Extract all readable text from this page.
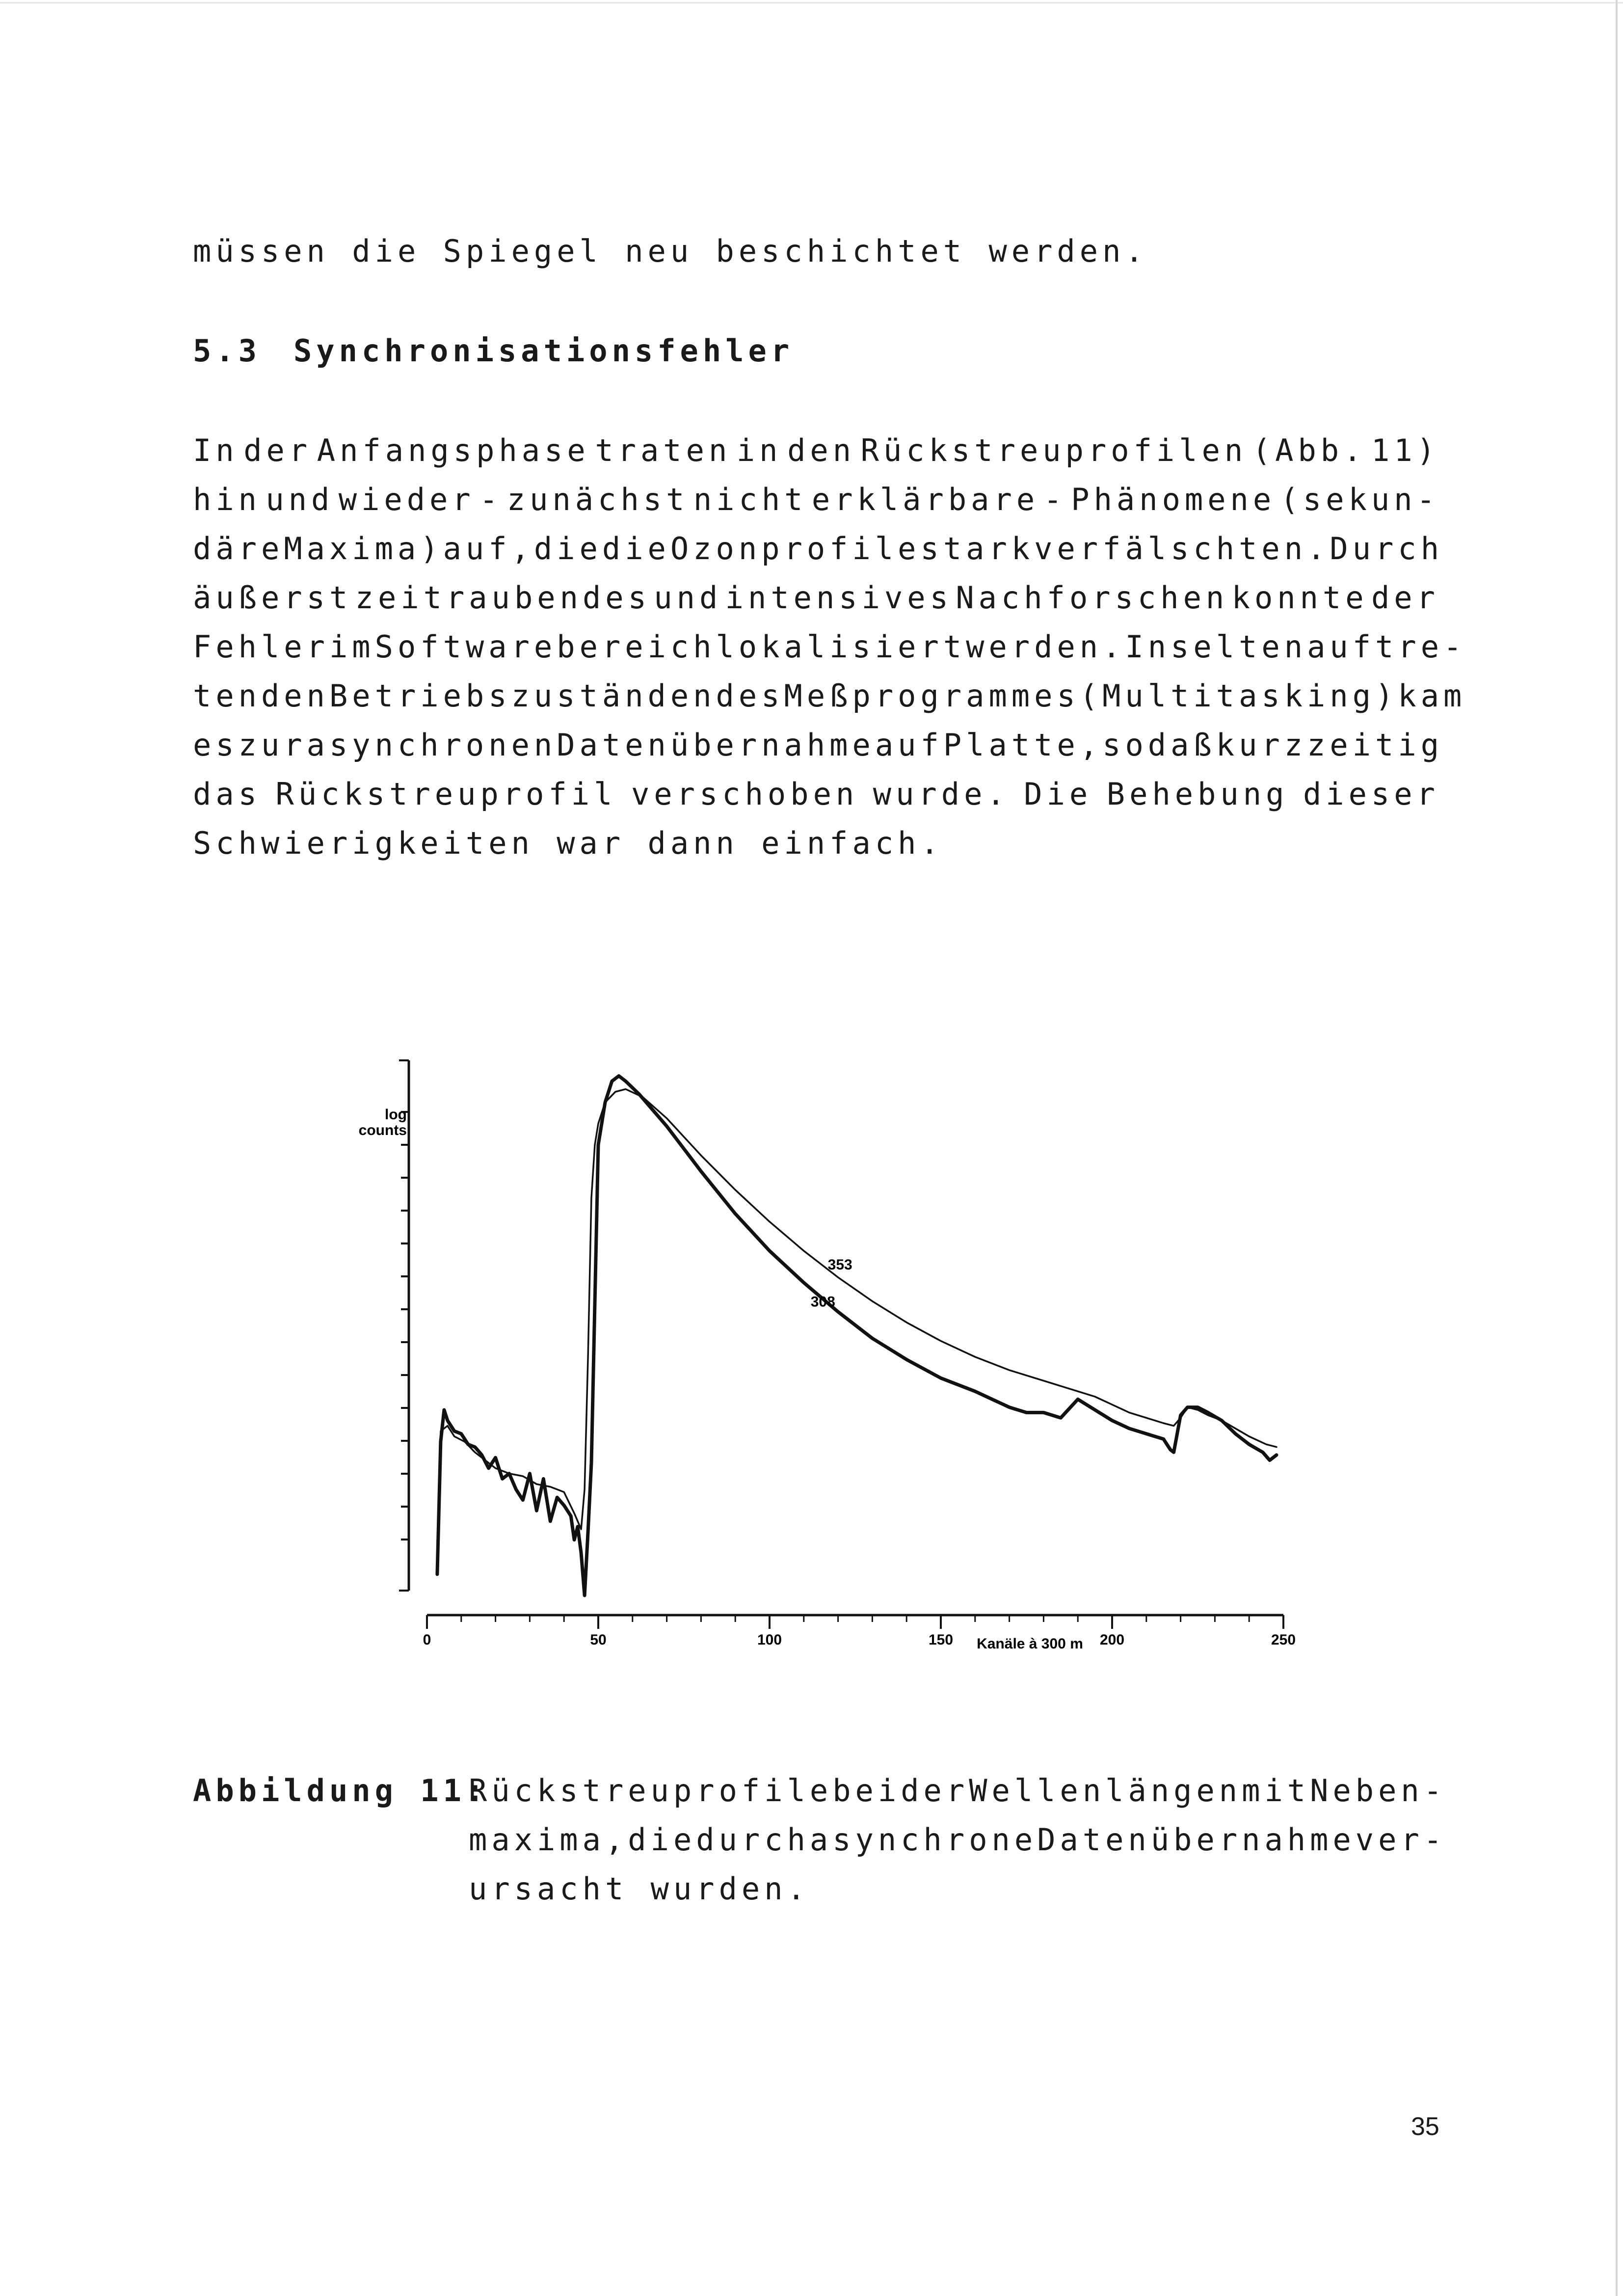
müssen die Spiegel neu beschichtet werden.
5.3 Synchronisationsfehler
In der Anfangsphase traten in den Rückstreuprofilen (Abb. 11)
hin und wieder - zunächst nicht erklärbare - Phänomene (sekun-
däre Maxima) auf, die die Ozonprofile stark verfälschten. Durch
äußerst zeitraubendes und intensives Nachforschen konnte der
Fehler im Softwarebereich lokalisiert werden. In selten auftre-
tenden Betriebszuständen des Meßprogrammes (Multitasking) kam
es zur asynchronen Datenübernahme auf Platte, so daß kurzzeitig
das Rückstreuprofil verschoben wurde. Die Behebung dieser
Schwierigkeiten war dann einfach.
log counts
0	50	100	150	200	250
Kanäle à 300 m
353
308
Abbildung 11:
Rückstreuprofile beider Wellenlängen mit Neben-
maxima, die durch asynchrone Datenübernahme ver-
ursacht wurden.
35
